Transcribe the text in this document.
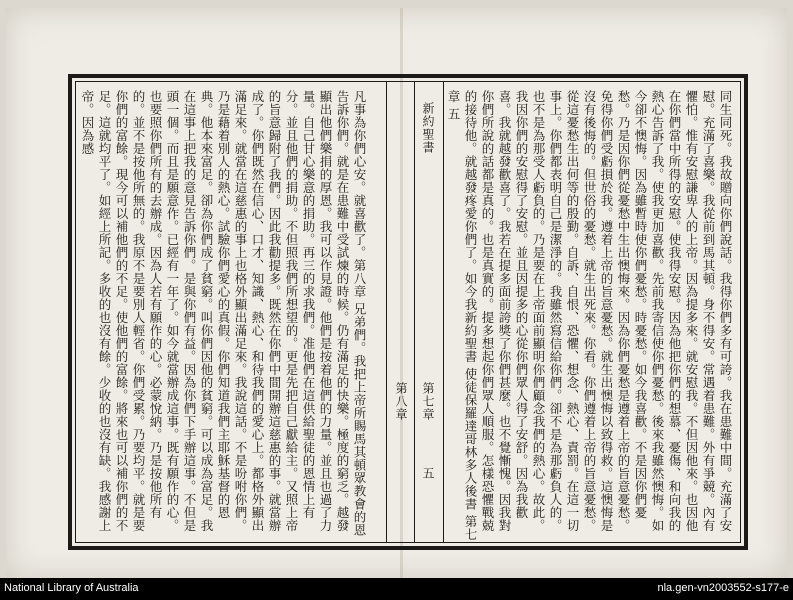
同生同死。我故贈向你們說話。我得你們多有可誇。我在患難中間。充滿了安慰。充滿了喜樂。我從前到馬其頓。身不得安。常遇着患難。外有爭競。內有懼怕。惟有安慰謙卑人的上帝。因為提多來。就安慰我。不但因他來。也因他在你們當中所得的安慰。使我得安慰。因為他把你們的想慕、憂傷、和向我的熱心告訴了我。使我更加喜歡。先前我寄信使你們憂愁。後來我雖然懊悔。如今卻不懊悔。因為雖暫時使你們憂愁。時憂愁。如今我喜歡。不是因你們憂愁。乃是因你們從憂愁中生出懊悔來。因為你們憂愁是遵着上帝的旨意憂愁。免得你們受虧損於我。遵着上帝的旨意憂愁。就生出懊悔以致得救。這懊悔是沒有後悔的。但世俗的憂愁。就生出死來。你看。你們遵着上帝的旨意憂愁。從這憂愁生出何等的殷勤。自訴、自恨、恐懼、想念、熱心、責罰。在這一切事上。你們都表明自己是潔淨的。我雖然寫信給你們。卻不是為那虧負人的。也不是為那受人虧負的。乃是要在上帝面前顯明你們顧念我們的熱心。故此。我因你們的安慰得了安慰。並且因提多的心從你們眾人得了安舒。因為我歡喜。我就越發歡喜了。我若在提多面前誇獎了你們甚麼。也不覺慚愧。因我對你們所說的話都是真的。也是真實的。提多想起你們眾人順服。怎樣恐懼戰兢的接待他。就越發疼愛你們了。如今我新約聖書 使徒保羅達哥林多人後書 第七章 五
新約聖書
第七章
五
第八章
凡事為你們心安。就喜歡了。第八章 兄弟們。我把上帝所賜馬其頓眾教會的恩告訴你們。就是在患難中受試煉的時候。仍有滿足的快樂。極度的窮乏。越發顯出他們樂捐的厚恩。我可以作見證。他們是按着他們的力量。並且也過了力量。自己甘心樂意的捐助。再三的求我們。准他們在這供給聖徒的恩情上有分。並且他們的捐助。不但照我們所想望的。更是先把自己獻給主。又照上帝的旨意歸附了我們。因此我勸提多。既然在你們中間開辦這慈惠的事。就當辦成了。你們既然在信心、口才、知識、熱心、和待我們的愛心上。都格外顯出滿足來。就當在這慈惠的事上也格外顯出滿足來。我說這話。不是吩咐你們。乃是藉着別人的熱心。試驗你們愛心的真假。你們知道我們主耶穌基督的恩典。他本來富足。卻為你們成了貧窮。叫你們因他的貧窮。可以成為富足。我在這事上把我的意見告訴你們。是與你們有益。因為你們下手辦這事。不但是頭一個。而且是願意作。已經有一年了。如今就當辦成這事。既有願作的心。也要照你們所有的去辦成。因為人若有願作的心。必蒙悅納。乃是按他所有的。並不是按他所無的。我原不是要別人輕省。你們受累。乃要均平。就是要你們的富餘。現今可以補他們的不足。使他們的富餘。將來也可以補你們的不足。這就均平了。如經上所記。多收的也沒有餘。少收的也沒有缺。我感謝上帝。因為感
National Library of Australia	nla.gen-vn2003552-s177-e
